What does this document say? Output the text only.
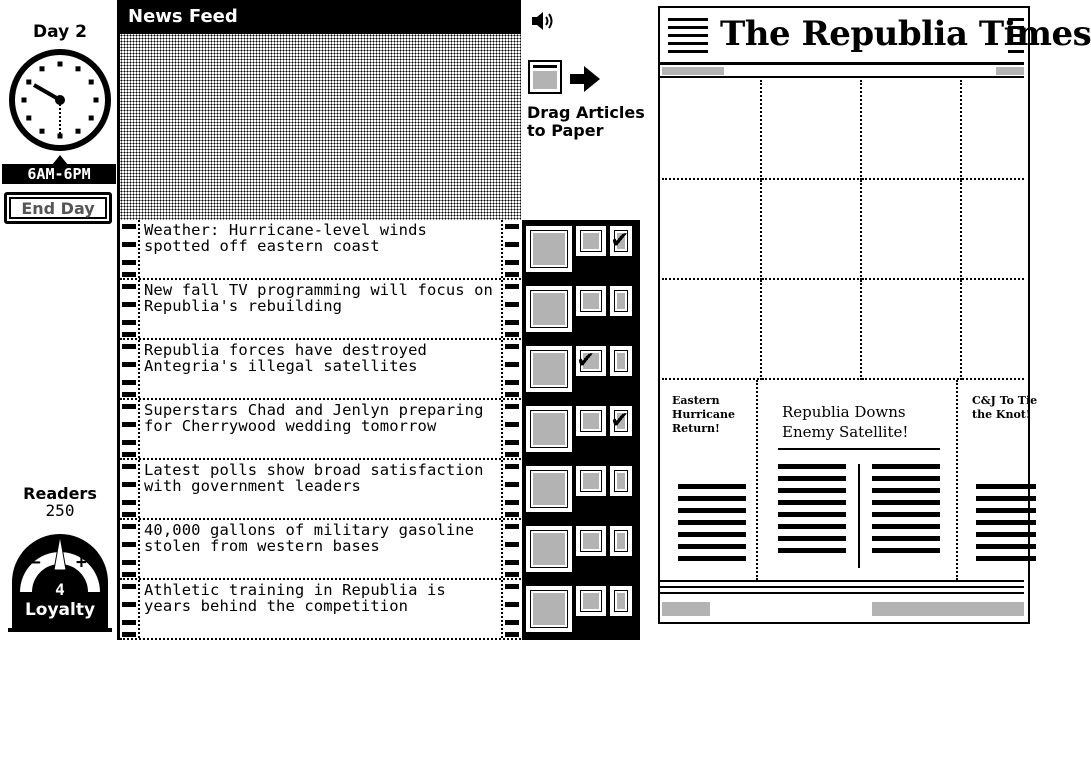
Day 2
6AM-6PM
End Day
Readers
250
− +
4
Loyalty
News Feed
Weather: Hurricane-level winds spotted off eastern coast
New fall TV programming will focus on Republia's rebuilding
Republia forces have destroyed Antegria's illegal satellites
Superstars Chad and Jenlyn preparing for Cherrywood wedding tomorrow
Latest polls show broad satisfaction with government leaders
40,000 gallons of military gasoline stolen from western bases
Athletic training in Republia is years behind the competition
Drag Articles to Paper
✔
✔
✔
The Republia Times
Eastern Hurricane Return!
Republia Downs Enemy Satellite!
C&J To Tie the Knot!
